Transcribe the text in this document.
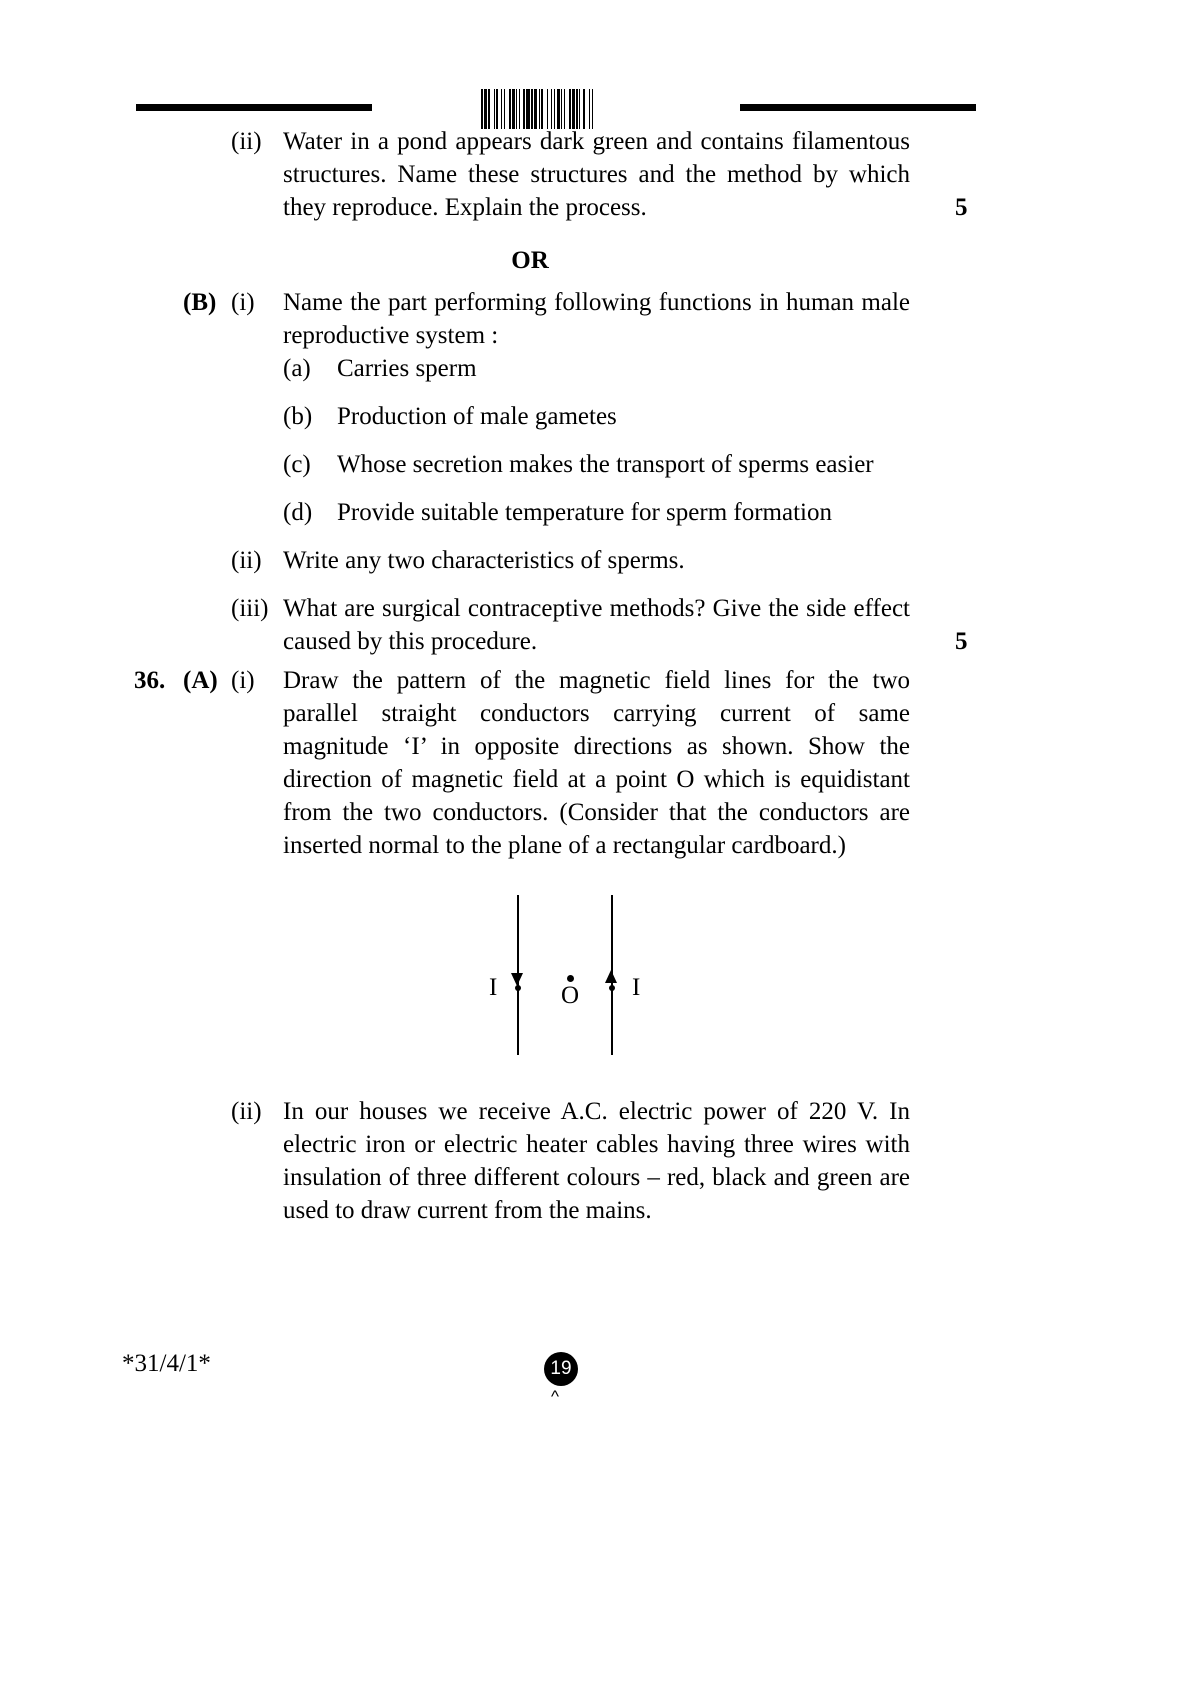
(ii) Water in a pond appears dark green and contains filamentous structures. Name these structures and the method by which they reproduce. Explain the process.	5
OR
(B) (i)	Name the part performing following functions in human male reproductive system :
(a)	Carries sperm
(b) Production of male gametes
(c)	Whose secretion makes the transport of sperms easier
(d) Provide suitable temperature for sperm formation
(ii) Write any two characteristics of sperms.
(iii) What are surgical contraceptive methods? Give the side effect caused by this procedure.	5
36. (A) (i)	Draw the pattern of the magnetic field lines for the two parallel straight conductors carrying current of same magnitude ‘I’ in opposite directions as shown. Show the direction of magnetic field at a point O which is equidistant from the two conductors. (Consider that the conductors are inserted normal to the plane of a rectangular cardboard.)
I	O I
(ii) In our houses we receive A.C. electric power of 220 V. In electric iron or electric heater cables having three wires with insulation of three different colours – red, black and green are used to draw current from the mains.
*31/4/1*	19
^
